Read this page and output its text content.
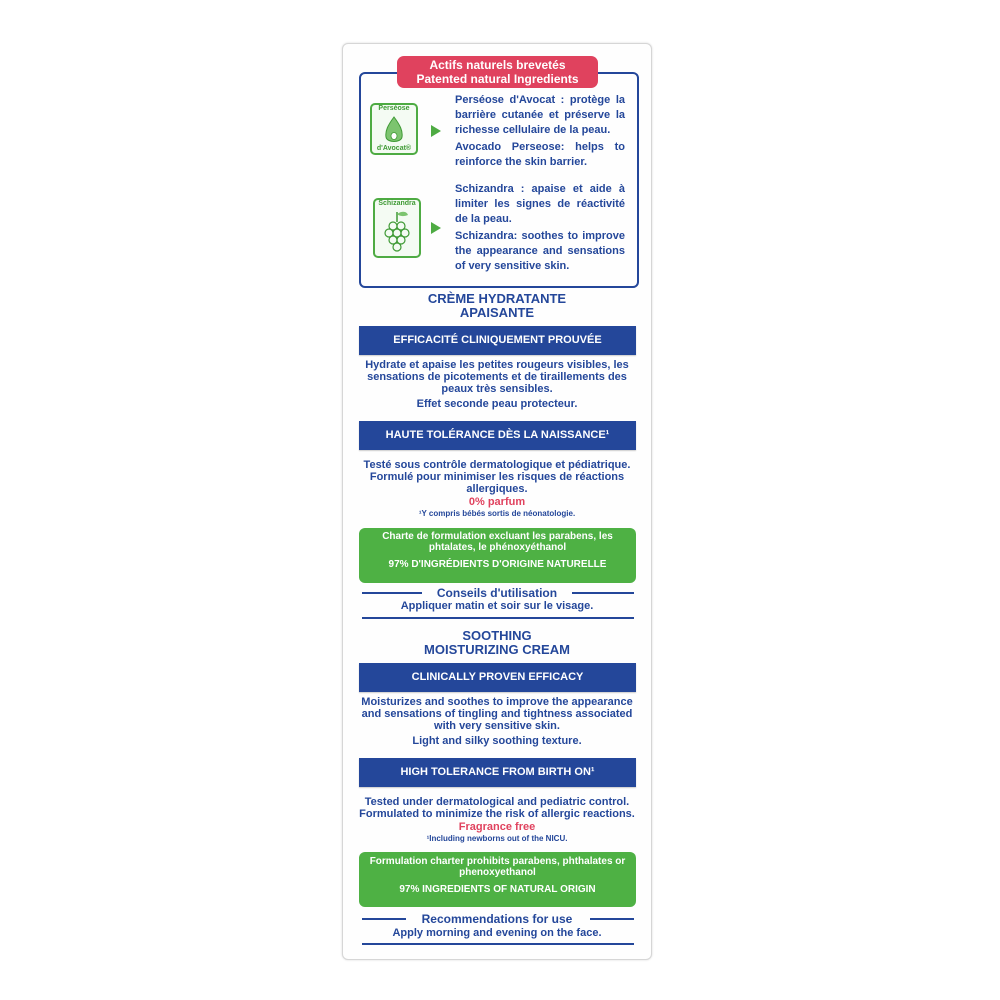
Actifs naturels brevetés
Patented natural Ingredients
Perséose
d'Avocat®

Perséose d'Avocat : protège la barrière cutanée et préserve la richesse cellulaire de la peau.

Avocado Perseose: helps to reinforce the skin barrier.

Schizandra

Schizandra : apaise et aide à limiter les signes de réactivité de la peau.

Schizandra: soothes to improve the appearance and sensations of very sensitive skin.

CRÈME HYDRATANTE
APAISANTE
EFFICACITÉ CLINIQUEMENT PROUVÉE

Hydrate et apaise les petites rougeurs visibles, les sensations de picotements et de tiraillements des peaux très sensibles.

Effet seconde peau protecteur.

HAUTE TOLÉRANCE DÈS LA NAISSANCE¹

Testé sous contrôle dermatologique et pédiatrique. Formulé pour minimiser les risques de réactions allergiques.

0% parfum
¹Y compris bébés sortis de néonatologie.
Charte de formulation excluant les parabens, les phtalates, le phénoxyéthanol
97% D'INGRÉDIENTS D'ORIGINE NATURELLE
Conseils d'utilisation
Appliquer matin et soir sur le visage.
SOOTHING
MOISTURIZING CREAM
CLINICALLY PROVEN EFFICACY

Moisturizes and soothes to improve the appearance and sensations of tingling and tightness associated with very sensitive skin.

Light and silky soothing texture.

HIGH TOLERANCE FROM BIRTH ON¹

Tested under dermatological and pediatric control. Formulated to minimize the risk of allergic reactions.

Fragrance free
¹Including newborns out of the NICU.
Formulation charter prohibits parabens, phthalates or phenoxyethanol
97% INGREDIENTS OF NATURAL ORIGIN
Recommendations for use
Apply morning and evening on the face.
